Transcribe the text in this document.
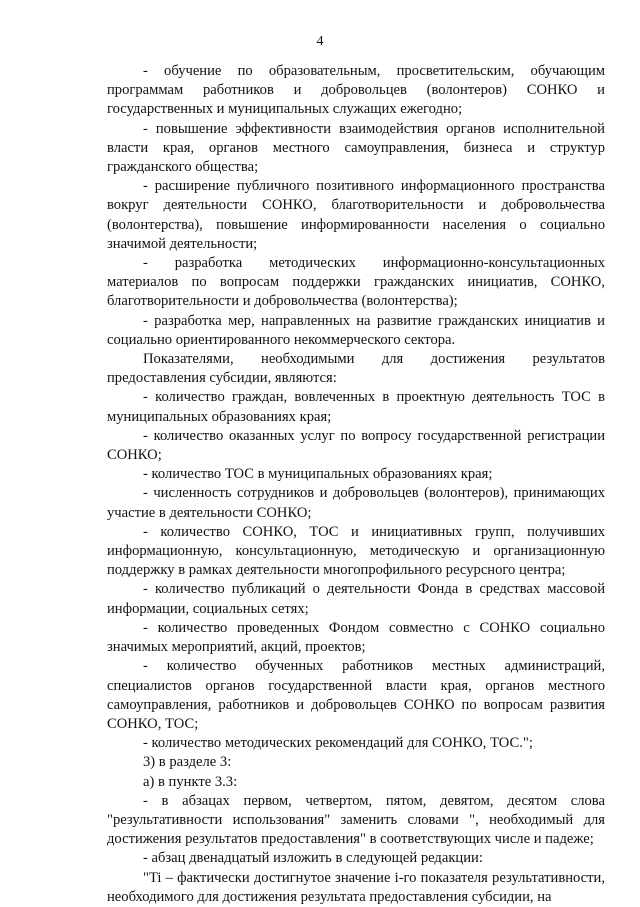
4

- обучение по образовательным, просветительским, обучающим программам работников и добровольцев (волонтеров) СОНКО и государственных и муниципальных служащих ежегодно;

- повышение эффективности взаимодействия органов исполнительной власти края, органов местного самоуправления, бизнеса и структур гражданского общества;

- расширение публичного позитивного информационного пространства вокруг деятельности СОНКО, благотворительности и добровольчества (волонтерства), повышение информированности населения о социально значимой деятельности;

- разработка методических информационно-консультационных материалов по вопросам поддержки гражданских инициатив, СОНКО, благотворительности и добровольчества (волонтерства);

- разработка мер, направленных на развитие гражданских инициатив и социально ориентированного некоммерческого сектора.

Показателями, необходимыми для достижения результатов предоставления субсидии, являются:

- количество граждан, вовлеченных в проектную деятельность ТОС в муниципальных образованиях края;

- количество оказанных услуг по вопросу государственной регистрации СОНКО;

- количество ТОС в муниципальных образованиях края;

- численность сотрудников и добровольцев (волонтеров), принимающих участие в деятельности СОНКО;

- количество СОНКО, ТОС и инициативных групп, получивших информационную, консультационную, методическую и организационную поддержку в рамках деятельности многопрофильного ресурсного центра;

- количество публикаций о деятельности Фонда в средствах массовой информации, социальных сетях;

- количество проведенных Фондом совместно с СОНКО социально значимых мероприятий, акций, проектов;

- количество обученных работников местных администраций, специалистов органов государственной власти края, органов местного самоуправления, работников и добровольцев СОНКО по вопросам развития СОНКО, ТОС;

- количество методических рекомендаций для СОНКО, ТОС.";

3) в разделе 3:

а) в пункте 3.3:

- в абзацах первом, четвертом, пятом, девятом, десятом слова "результативности использования" заменить словами ", необходимый для достижения результатов предоставления" в соответствующих числе и падеже;

- абзац двенадцатый изложить в следующей редакции:

"Ti – фактически достигнутое значение i-го показателя результативности, необходимого для достижения результата предоставления субсидии, на
